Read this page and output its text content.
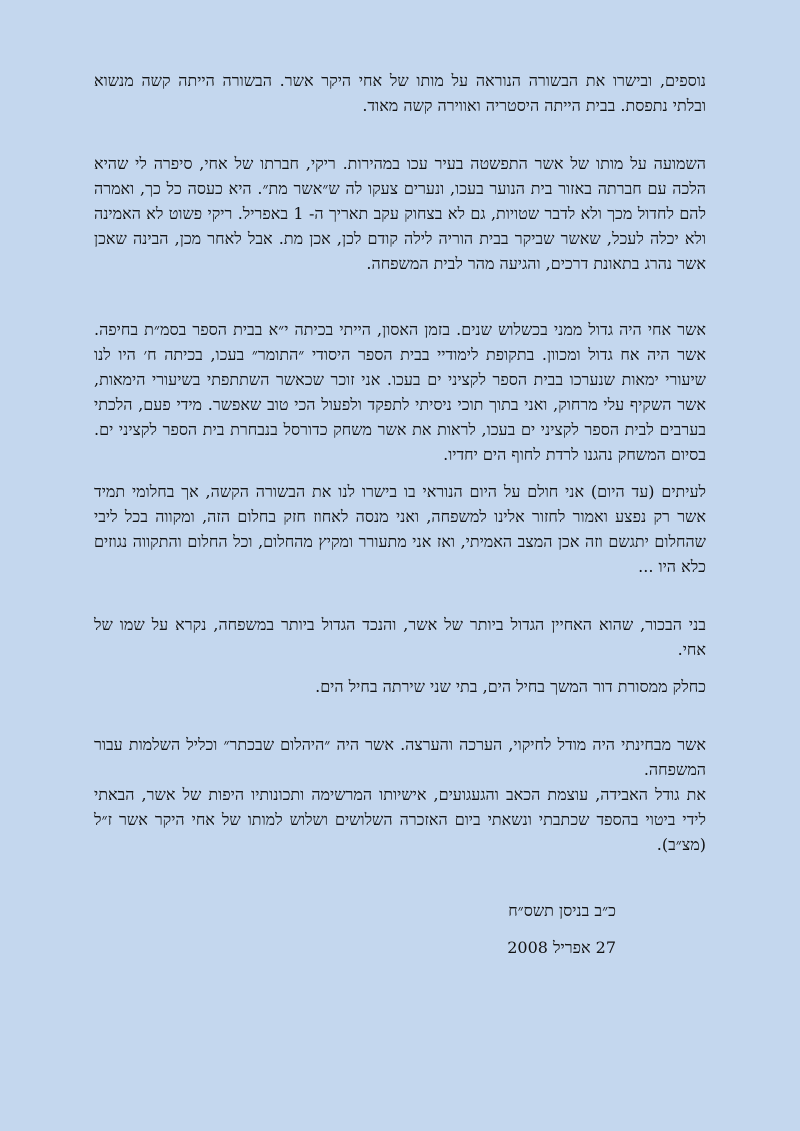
נוספים, ובישרו את הבשורה הנוראה על מותו של אחי היקר אשר. הבשורה הייתה קשה מנשוא ובלתי נתפסת. בבית הייתה היסטריה ואווירה קשה מאוד.

השמועה על מותו של אשר התפשטה בעיר עכו במהירות. ריקי, חברתו של אחי, סיפרה לי שהיא הלכה עם חברתה באזור בית הנוער בעכו, ונערים צעקו לה ש״אשר מת״. היא כעסה כל כך, ואמרה להם לחדול מכך ולא לדבר שטויות, גם לא בצחוק עקב תאריך ה- 1 באפריל. ריקי פשוט לא האמינה ולא יכלה לעכל, שאשר שביקר בבית הוריה לילה קודם לכן, אכן מת. אבל לאחר מכן, הבינה שאכן אשר נהרג בתאונת דרכים, והגיעה מהר לבית המשפחה.

אשר אחי היה גדול ממני בכשלוש שנים. בזמן האסון, הייתי בכיתה י״א בבית הספר בסמ״ת בחיפה. אשר היה אח גדול ומכוון. בתקופת לימודיי בבית הספר היסודי ״התומר״ בעכו, בכיתה ח׳ היו לנו שיעורי ימאות שנערכו בבית הספר לקציני ים בעכו. אני זוכר שכאשר השתתפתי בשיעורי הימאות, אשר השקיף עלי מרחוק, ואני בתוך תוכי ניסיתי לתפקד ולפעול הכי טוב שאפשר. מידי פעם, הלכתי בערבים לבית הספר לקציני ים בעכו, לראות את אשר משחק כדורסל בנבחרת בית הספר לקציני ים. בסיום המשחק נהגנו לרדת לחוף הים יחדיו.

לעיתים (עד היום) אני חולם על היום הנוראי בו בישרו לנו את הבשורה הקשה, אך בחלומי תמיד אשר רק נפצע ואמור לחזור אלינו למשפחה, ואני מנסה לאחוז חזק בחלום הזה, ומקווה בכל ליבי שהחלום יתגשם וזה אכן המצב האמיתי, ואז אני מתעורר ומקיץ מהחלום, וכל החלום והתקווה נגוזים כלא היו ...

בני הבכור, שהוא האחיין הגדול ביותר של אשר, והנכד הגדול ביותר במשפחה, נקרא על שמו של אחי.

כחלק ממסורת דור המשך בחיל הים, בתי שני שירתה בחיל הים.

אשר מבחינתי היה מודל לחיקוי, הערכה והערצה. אשר היה ״היהלום שבכתר״ וכליל השלמות עבור המשפחה.

את גודל האבידה, עוצמת הכאב והגעגועים, אישיותו המרשימה ותכונותיו היפות של אשר, הבאתי לידי ביטוי בהספד שכתבתי ונשאתי ביום האזכרה השלושים ושלוש למותו של אחי היקר אשר ז״ל (מצ״ב).

כ״ב בניסן תשס״ח

27 אפריל 2008
